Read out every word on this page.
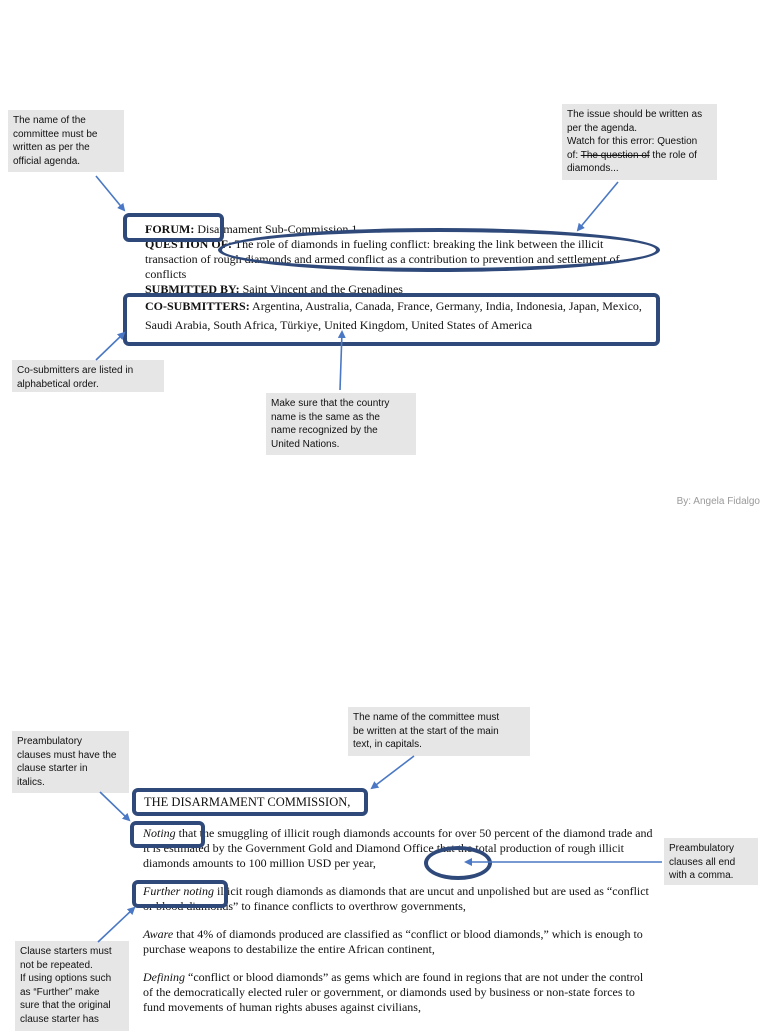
The name of the
committee must be
written as per the
official agenda.
The issue should be written as
per the agenda.
Watch for this error: Question
of: The question of the role of
diamonds...
Co-submitters are listed in
alphabetical order.
Make sure that the country
name is the same as the
name recognized by the
United Nations.
FORUM: Disarmament Sub-Commission 1
QUESTION OF: The role of diamonds in fueling conflict: breaking the link between the illicit transaction of rough diamonds and armed conflict as a contribution to prevention and settlement of conflicts
SUBMITTED BY: Saint Vincent and the Grenadines
CO-SUBMITTERS: Argentina, Australia, Canada, France, Germany, India, Indonesia, Japan, Mexico, Saudi Arabia, South Africa, Türkiye, United Kingdom, United States of America
By: Angela Fidalgo
The name of the committee must
be written at the start of the main
text, in capitals.
Preambulatory
clauses must have the
clause starter in
italics.
Preambulatory
clauses all end
with a comma.
Clause starters must
not be repeated.
If using options such
as “Further” make
sure that the original
clause starter has
THE DISARMAMENT COMMISSION,

Noting that the smuggling of illicit rough diamonds accounts for over 50 percent of the diamond trade and it is estimated by the Government Gold and Diamond Office that the total production of rough illicit diamonds amounts to 100 million USD per year,

Further noting illicit rough diamonds as diamonds that are uncut and unpolished but are used as “conflict or blood diamonds” to finance conflicts to overthrow governments,

Aware that 4% of diamonds produced are classified as “conflict or blood diamonds,” which is enough to purchase weapons to destabilize the entire African continent,

Defining “conflict or blood diamonds” as gems which are found in regions that are not under the control of the democratically elected ruler or government, or diamonds used by business or non-state forces to fund movements of human rights abuses against civilians,
